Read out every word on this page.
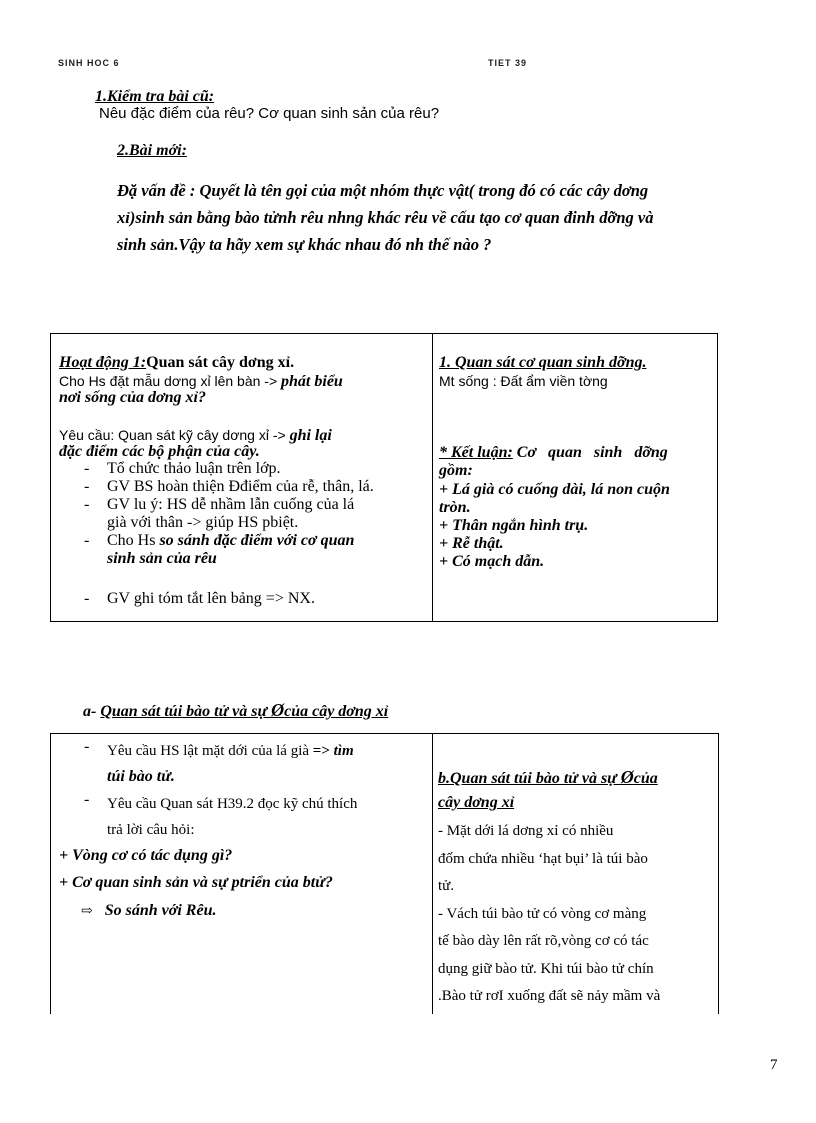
SINH HOC 6	TIET 39
1.Kiểm tra bài cũ:
Nêu đặc điểm của rêu? Cơ quan sinh sản của rêu?
2.Bài mới:
Đặ vấn đề : Quyết là tên gọi của một nhóm thực vật( trong đó có các cây dơng
xỉ)sinh sản bằng bào tửnh rêu nhng khác rêu về cấu tạo cơ quan đinh dỡng và
sinh sản.Vậy ta hãy xem sự khác nhau đó nh thế nào ?
Hoạt động 1:Quan sát cây dơng xỉ.
Cho Hs đặt mẫu dơng xỉ lên bàn -> phát biểu
nơi sống của dơng xỉ?
Yêu cầu: Quan sát kỹ cây dơng xỉ -> ghi lại
đặc điểm các bộ phận của cây.
- Tổ chức thảo luận trên lớp.
- GV BS hoàn thiện Đđiểm của rễ, thân, lá.
- GV lu ý: HS dễ nhầm lẫn cuống của lá
già với thân -> giúp HS pbiệt.
- Cho Hs so sánh đặc điểm với cơ quan
sinh sản của rêu
- GV ghi tóm tắt lên bảng => NX.

1. Quan sát cơ quan sinh dỡng.
Mt sống : Đất ẩm viền tờng
* Kết luận: Cơ   quan   sinh   dỡng
gồm:
+ Lá già có cuống dài, lá non cuộn
tròn.
+ Thân ngắn hình trụ.
+ Rễ thật.
+ Có mạch dẫn.
a- Quan sát túi bào tử và sự Øcủa cây dơng xỉ
- Yêu cầu HS lật mặt dới của lá già => tìm
túi bào tử.
- Yêu cầu Quan sát H39.2 đọc kỹ chú thích
trả lời câu hỏi:
+ Vòng cơ có tác dụng gì?
+ Cơ quan sinh sản và sự ptriển của btử?
⇨ So sánh với Rêu.
b.Quan sát túi bào tử và sự Øcủa
cây dơng xỉ
- Mặt dới lá dơng xỉ có nhiều
đốm chứa nhiều ‘hạt bụi’ là túi bào
tử.
- Vách túi bào tử có vòng cơ màng
tế bào dày lên rất rõ,vòng cơ có tác
dụng giữ bào tử. Khi túi bào tử chín
.Bào tử rơI xuống đất sẽ nảy mầm và
7
